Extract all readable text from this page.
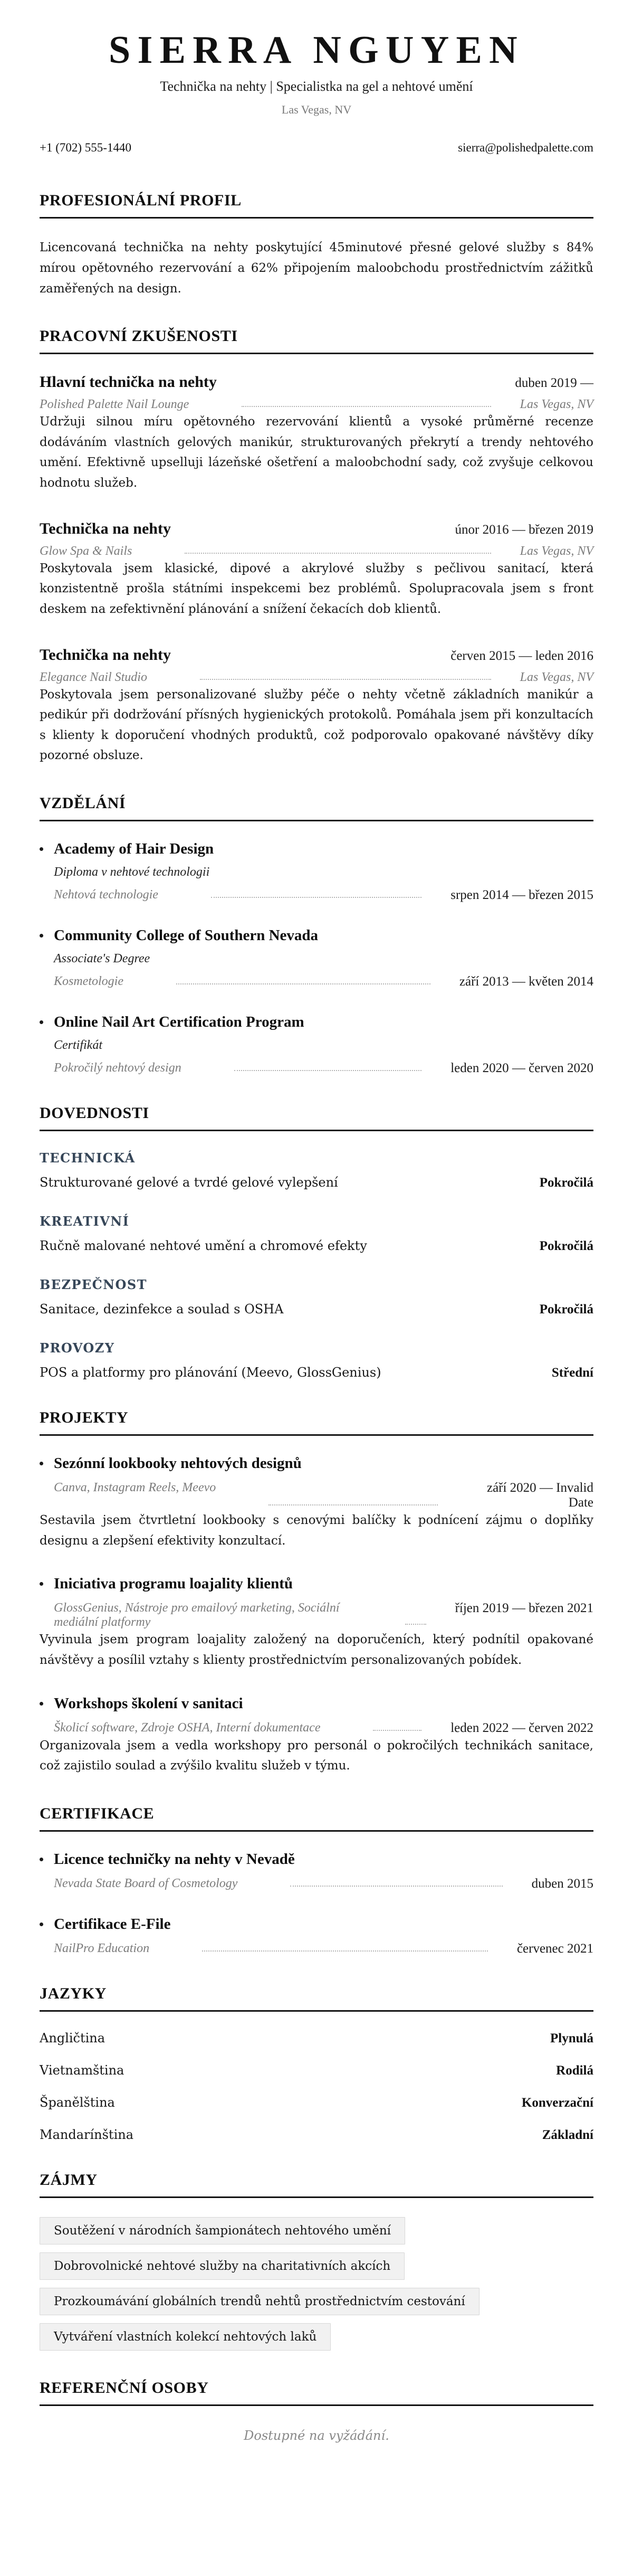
SIERRA NGUYEN
Technička na nehty | Specialistka na gel a nehtové umění
Las Vegas, NV
+1 (702) 555-1440	sierra@polishedpalette.com
PROFESIONÁLNÍ PROFIL

Licencovaná technička na nehty poskytující 45minutové přesné gelové služby s 84% mírou opětovného rezervování a 62% připojením maloobchodu prostřednictvím zážitků zaměřených na design.

PRACOVNÍ ZKUŠENOSTI
Hlavní technička na nehty	duben 2019 —
Polished Palette Nail Lounge	Las Vegas, NV

Udržuji silnou míru opětovného rezervování klientů a vysoké průměrné recenze dodáváním vlastních gelových manikúr, strukturovaných překrytí a trendy nehtového umění. Efektivně upselluji lázeňské ošetření a maloobchodní sady, což zvyšuje celkovou hodnotu služeb.

Technička na nehty	únor 2016 — březen 2019
Glow Spa & Nails	Las Vegas, NV

Poskytovala jsem klasické, dipové a akrylové služby s pečlivou sanitací, která konzistentně prošla státními inspekcemi bez problémů. Spolupracovala jsem s front deskem na zefektivnění plánování a snížení čekacích dob klientů.

Technička na nehty	červen 2015 — leden 2016
Elegance Nail Studio	Las Vegas, NV

Poskytovala jsem personalizované služby péče o nehty včetně základních manikúr a pedikúr při dodržování přísných hygienických protokolů. Pomáhala jsem při konzultacích s klienty k doporučení vhodných produktů, což podporovalo opakované návštěvy díky pozorné obsluze.

VZDĚLÁNÍ
Academy of Hair Design
Diploma v nehtové technologii
Nehtová technologie	srpen 2014 — březen 2015
Community College of Southern Nevada
Associate's Degree
Kosmetologie	září 2013 — květen 2014
Online Nail Art Certification Program
Certifikát
Pokročilý nehtový design	leden 2020 — červen 2020
DOVEDNOSTI
TECHNICKÁ
Strukturované gelové a tvrdé gelové vylepšení	Pokročilá
KREATIVNÍ
Ručně malované nehtové umění a chromové efekty	Pokročilá
BEZPEČNOST
Sanitace, dezinfekce a soulad s OSHA	Pokročilá
PROVOZY
POS a platformy pro plánování (Meevo, GlossGenius)	Střední
PROJEKTY
Sezónní lookbooky nehtových designů
Canva, Instagram Reels, Meevo	září 2020 — Invalid Date

Sestavila jsem čtvrtletní lookbooky s cenovými balíčky k podnícení zájmu o doplňky designu a zlepšení efektivity konzultací.

Iniciativa programu loajality klientů
GlossGenius, Nástroje pro emailový marketing, Sociální mediální platformy
říjen 2019 — březen 2021

Vyvinula jsem program loajality založený na doporučeních, který podnítil opakované návštěvy a posílil vztahy s klienty prostřednictvím personalizovaných pobídek.

Workshops školení v sanitaci
Školicí software, Zdroje OSHA, Interní dokumentace	leden 2022 — červen 2022

Organizovala jsem a vedla workshopy pro personál o pokročilých technikách sanitace, což zajistilo soulad a zvýšilo kvalitu služeb v týmu.

CERTIFIKACE
Licence techničky na nehty v Nevadě
Nevada State Board of Cosmetology	duben 2015
Certifikace E-File
NailPro Education	červenec 2021
JAZYKY
Angličtina	Plynulá
Vietnamština	Rodilá
Španělština	Konverzační
Mandarínština	Základní
ZÁJMY
Soutěžení v národních šampionátech nehtového umění
Dobrovolnické nehtové služby na charitativních akcích
Prozkoumávání globálních trendů nehtů prostřednictvím cestování
Vytváření vlastních kolekcí nehtových laků
REFERENČNÍ OSOBY
Dostupné na vyžádání.
